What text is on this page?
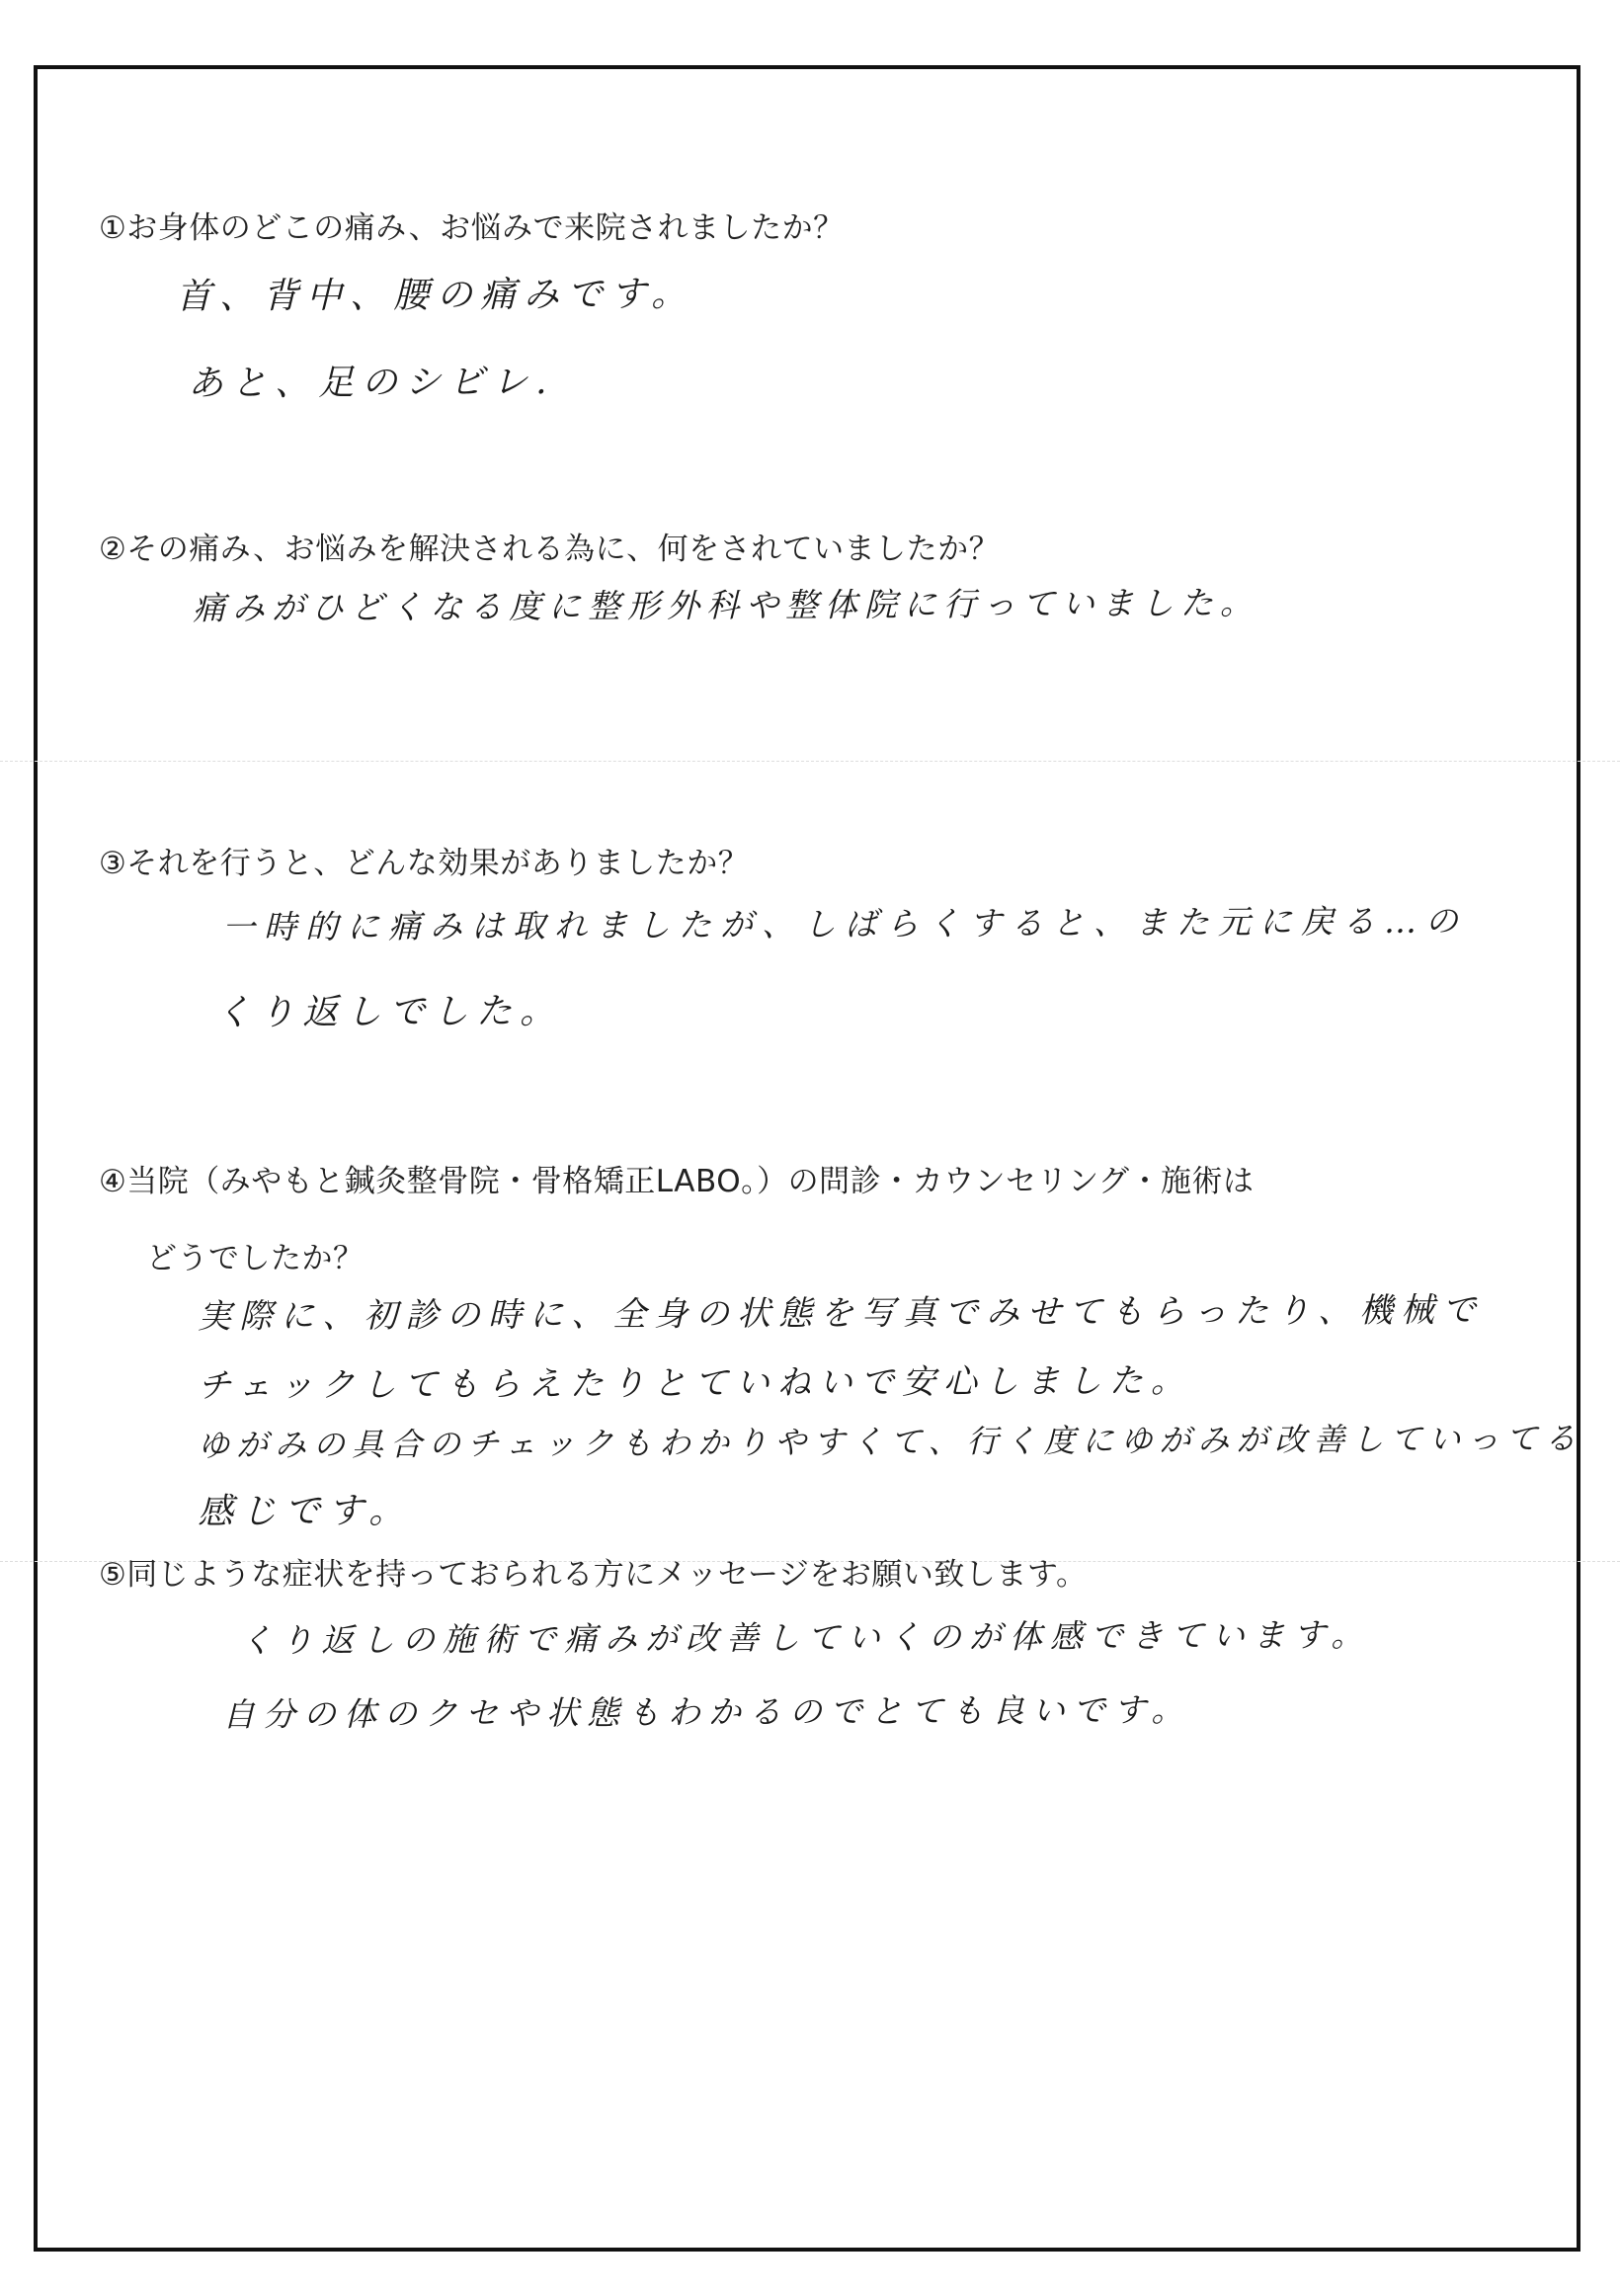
①お身体のどこの痛み、お悩みで来院されましたか？
首、背中、腰の痛みです。
あと、足のシビレ.
②その痛み、お悩みを解決される為に、何をされていましたか？
痛みがひどくなる度に整形外科や整体院に行っていました。
③それを行うと、どんな効果がありましたか？
一時的に痛みは取れましたが、しばらくすると、また元に戻る…の
くり返しでした。
④当院（みやもと鍼灸整骨院・骨格矯正LABO。）の問診・カウンセリング・施術は
どうでしたか？
実際に、初診の時に、全身の状態を写真でみせてもらったり、機械で
チェックしてもらえたりとていねいで安心しました。
ゆがみの具合のチェックもわかりやすくて、行く度にゆがみが改善していってる
感じです。
⑤同じような症状を持っておられる方にメッセージをお願い致します。
くり返しの施術で痛みが改善していくのが体感できています。
自分の体のクセや状態もわかるのでとても良いです。
